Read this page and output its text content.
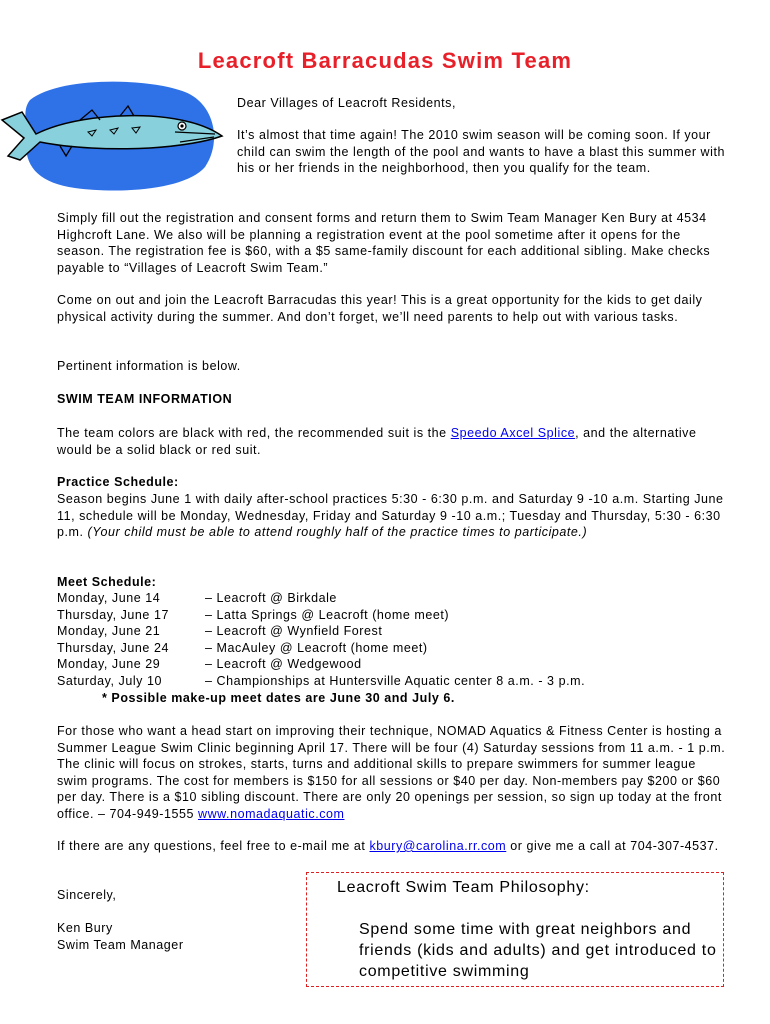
Leacroft Barracudas Swim Team

Dear Villages of Leacroft Residents,

It’s almost that time again! The 2010 swim season will be coming soon. If your child can swim the length of the pool and wants to have a blast this summer with his or her friends in the neighborhood, then you qualify for the team.

Simply fill out the registration and consent forms and return them to Swim Team Manager Ken Bury at 4534 Highcroft Lane. We also will be planning a registration event at the pool sometime after it opens for the season. The registration fee is $60, with a $5 same-family discount for each additional sibling. Make checks payable to “Villages of Leacroft Swim Team.”

Come on out and join the Leacroft Barracudas this year! This is a great opportunity for the kids to get daily physical activity during the summer. And don’t forget, we’ll need parents to help out with various tasks.

Pertinent information is below.

SWIM TEAM INFORMATION

The team colors are black with red, the recommended suit is the Speedo Axcel Splice, and the alternative would be a solid black or red suit.

Practice Schedule:

Season begins June 1 with daily after-school practices 5:30 - 6:30 p.m. and Saturday 9 -10 a.m. Starting June 11, schedule will be Monday, Wednesday, Friday and Saturday 9 -10 a.m.; Tuesday and Thursday, 5:30 - 6:30 p.m. (Your child must be able to attend roughly half of the practice times to participate.)

Meet Schedule:

Monday, June 14	– Leacroft @ Birkdale
Thursday, June 17	– Latta Springs @ Leacroft (home meet)
Monday, June 21	– Leacroft @ Wynfield Forest
Thursday, June 24	– MacAuley @ Leacroft (home meet)
Monday, June 29	– Leacroft @ Wedgewood
Saturday, July 10	– Championships at Huntersville Aquatic center 8 a.m. - 3 p.m.

* Possible make-up meet dates are June 30 and July 6.

For those who want a head start on improving their technique, NOMAD Aquatics & Fitness Center is hosting a Summer League Swim Clinic beginning April 17. There will be four (4) Saturday sessions from 11 a.m. - 1 p.m. The clinic will focus on strokes, starts, turns and additional skills to prepare swimmers for summer league swim programs. The cost for members is $150 for all sessions or $40 per day. Non-members pay $200 or $60 per day. There is a $10 sibling discount. There are only 20 openings per session, so sign up today at the front office. – 704-949-1555 www.nomadaquatic.com

If there are any questions, feel free to e-mail me at kbury@carolina.rr.com or give me a call at 704-307-4537.

Sincerely,

Ken Bury

Swim Team Manager

Leacroft Swim Team Philosophy:
Spend some time with great neighbors and friends (kids and adults) and get introduced to competitive swimming
